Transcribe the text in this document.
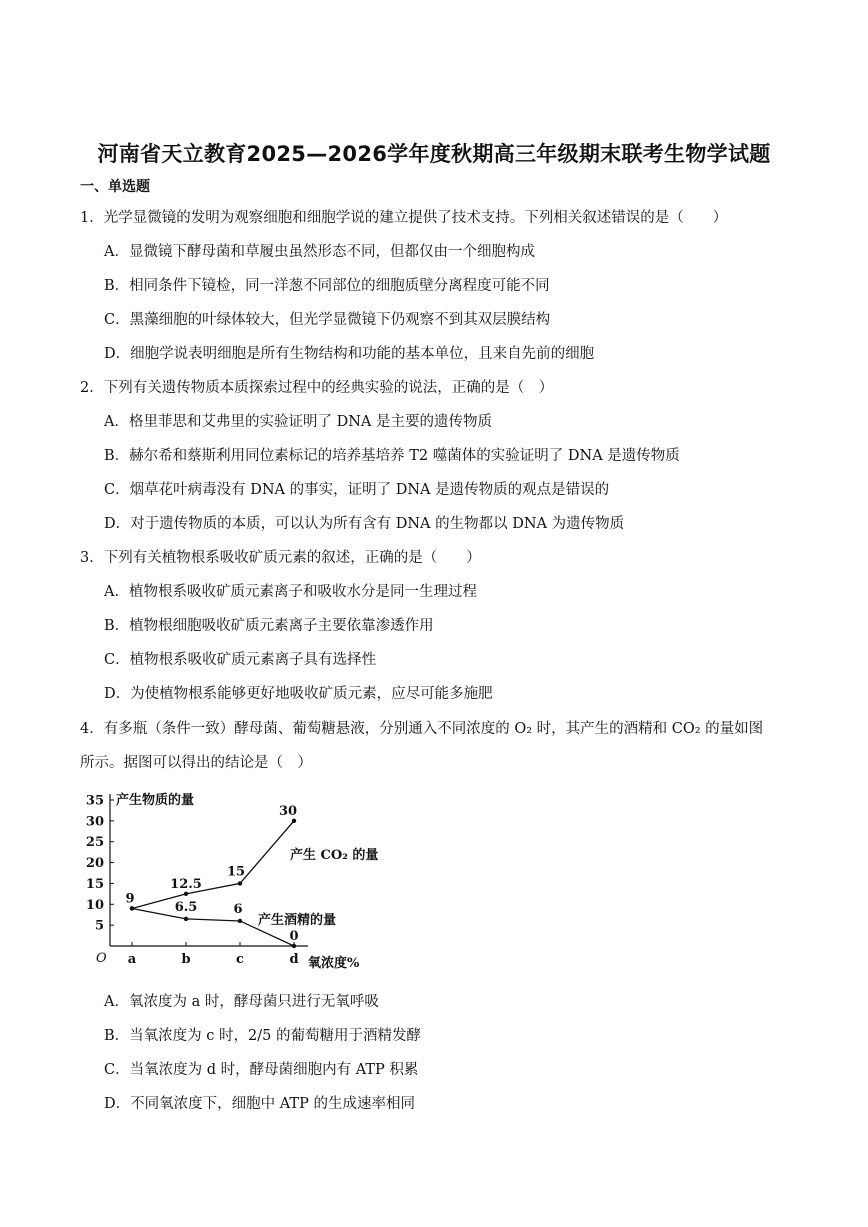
河南省天立教育2025—2026学年度秋期高三年级期末联考生物学试题
一、单选题
1．光学显微镜的发明为观察细胞和细胞学说的建立提供了技术支持。下列相关叙述错误的是（　　）
A．显微镜下酵母菌和草履虫虽然形态不同，但都仅由一个细胞构成
B．相同条件下镜检，同一洋葱不同部位的细胞质壁分离程度可能不同
C．黑藻细胞的叶绿体较大，但光学显微镜下仍观察不到其双层膜结构
D．细胞学说表明细胞是所有生物结构和功能的基本单位，且来自先前的细胞
2．下列有关遗传物质本质探索过程中的经典实验的说法，正确的是（　）
A．格里菲思和艾弗里的实验证明了 DNA 是主要的遗传物质
B．赫尔希和蔡斯利用同位素标记的培养基培养 T2 噬菌体的实验证明了 DNA 是遗传物质
C．烟草花叶病毒没有 DNA 的事实，证明了 DNA 是遗传物质的观点是错误的
D．对于遗传物质的本质，可以认为所有含有 DNA 的生物都以 DNA 为遗传物质
3．下列有关植物根系吸收矿质元素的叙述，正确的是（　　）
A．植物根系吸收矿质元素离子和吸收水分是同一生理过程
B．植物根细胞吸收矿质元素离子主要依靠渗透作用
C．植物根系吸收矿质元素离子具有选择性
D．为使植物根系能够更好地吸收矿质元素，应尽可能多施肥
4．有多瓶（条件一致）酵母菌、葡萄糖悬液，分别通入不同浓度的 O₂ 时，其产生的酒精和 CO₂ 的量如图
所示。据图可以得出的结论是（　）
5
10
15
20
25
30
35
O
产生物质的量
a	b	c	d 氧浓度%
9
12.5
15
30
产生 CO₂ 的量
6.5	6
0
产生酒精的量
A．氧浓度为 a 时，酵母菌只进行无氧呼吸
B．当氧浓度为 c 时，2/5 的葡萄糖用于酒精发酵
C．当氧浓度为 d 时，酵母菌细胞内有 ATP 积累
D．不同氧浓度下，细胞中 ATP 的生成速率相同
